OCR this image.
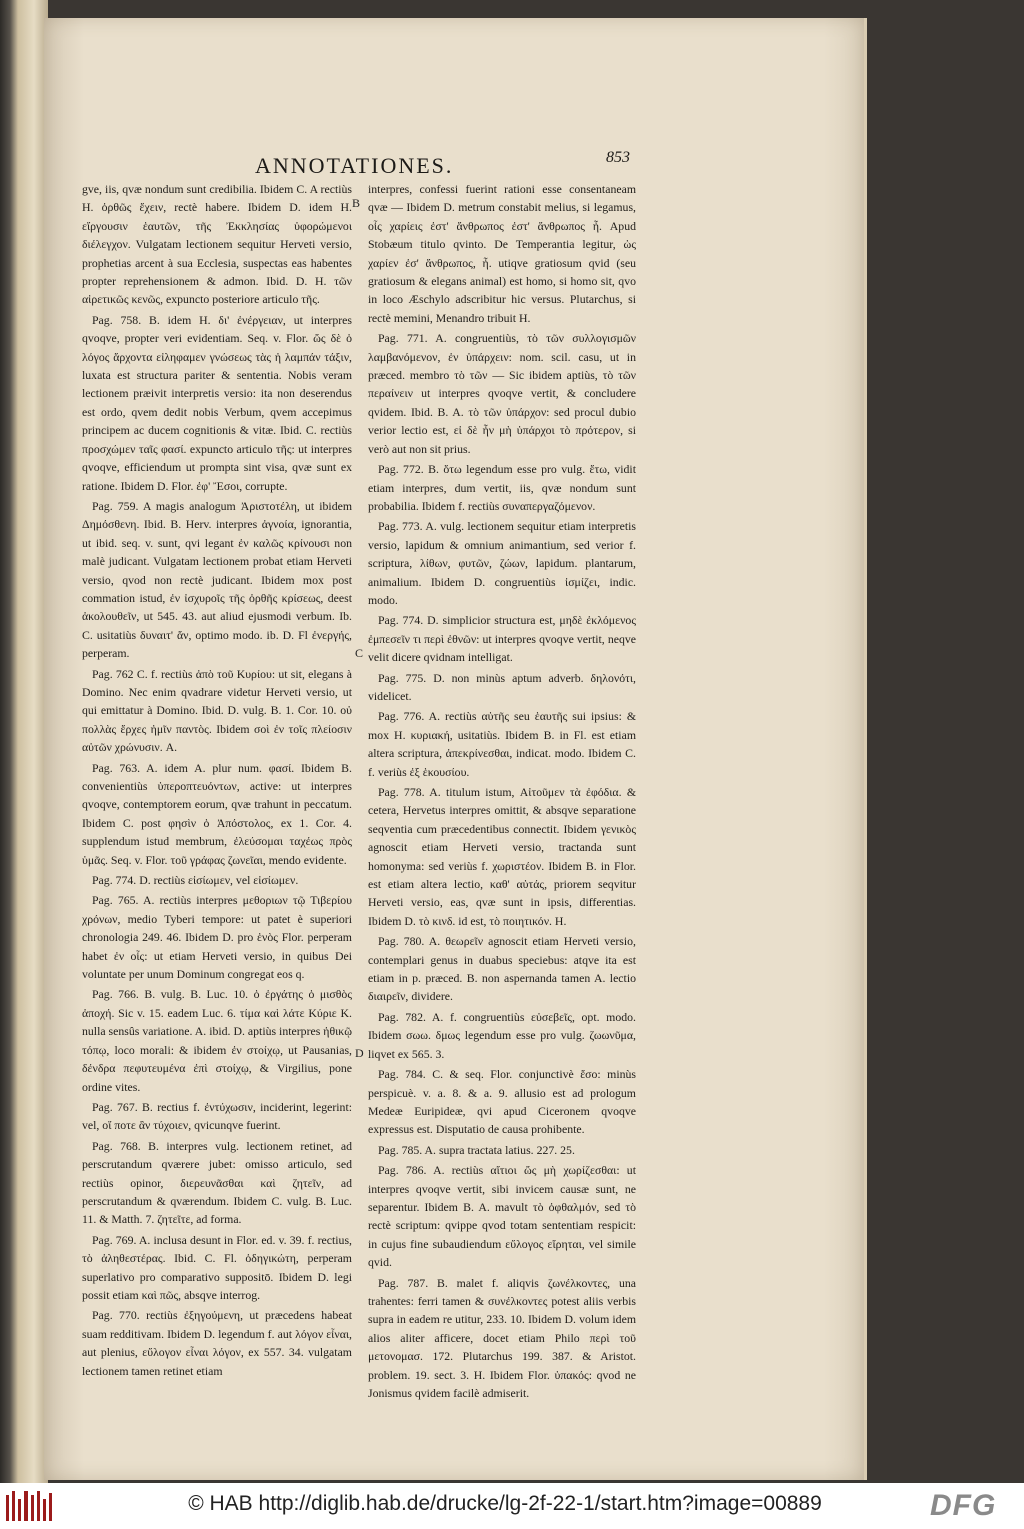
ANNOTATIONES.	853

gve, iis, qvæ nondum sunt credibilia. Ibidem C. A rectiùs H. ὀρθῶς ἔχειν, rectè habere. Ibidem D. idem H. εἴργουσιν ἑαυτῶν, τῆς Ἐκκλησίας ὑφορώμενοι διέλεγχον. Vulgatam lectionem sequitur Herveti versio, prophetias arcent à sua Ecclesia, suspectas eas habentes propter reprehensionem & admon. Ibid. D. H. τῶν αἱρετικῶς κενῶς, expuncto posteriore articulo τῆς.

Pag. 758. B. idem H. δι' ἐνέργειαν, ut interpres qvoqve, propter veri evidentiam. Seq. v. Flor. ὥς δὲ ὁ λόγος ἄρχοντα εἰληφαμεν γνώσεως τὰς ἡ λαμπάν τάξιν, luxata est structura pariter & sententia. Nobis veram lectionem præivit interpretis versio: ita non deserendus est ordo, qvem dedit nobis Verbum, qvem accepimus principem ac ducem cognitionis & vitæ. Ibid. C. rectiùs προσχώμεν ταῖς φασί. expuncto articulo τῆς: ut interpres qvoqve, efficiendum ut prompta sint visa, qvæ sunt ex ratione. Ibidem D. Flor. ἐφ' Ἔσοι, corrupte.

Pag. 759. A magis analogum Ἀριστοτέλη, ut ibidem Δημόσθενη. Ibid. B. Herv. interpres ἀγνοία, ignorantia, ut ibid. seq. v. sunt, qvi legant ἐν καλῶς κρίνουσι non malè judicant. Vulgatam lectionem probat etiam Herveti versio, qvod non rectè judicant. Ibidem mox post commation istud, ἐν ἰσχυροῖς τῆς ὀρθῆς κρίσεως, deest ἀκολουθεῖν, ut 545. 43. aut aliud ejusmodi verbum. Ib. C. usitatiùs δυναιτ' ἄν, optimo modo. ib. D. Fl ἐνεργής, perperam.

Pag. 762 C. f. rectiùs ἀπὸ τοῦ Κυρίου: ut sit, elegans à Domino. Nec enim qvadrare videtur Herveti versio, ut qui emittatur à Domino. Ibid. D. vulg. B. 1. Cor. 10. οὐ πολλὰς ἔρχες ἡμῖν παντὸς. Ibidem σοὶ ἐν τοῖς πλείοσιν αὐτῶν χρώνυσιν. A.

Pag. 763. A. idem A. plur num. φασί. Ibidem B. convenientiùs ὑπεροπτευόντων, active: ut interpres qvoqve, contemptorem eorum, qvæ trahunt in peccatum. Ibidem C. post φησὶν ὁ Ἀπόστολος, ex 1. Cor. 4. supplendum istud membrum, ἐλεύσομαι ταχέως πρὸς ὑμᾶς. Seq. v. Flor. τοῦ γράφας ζωνεῖαι, mendo evidente.

Pag. 774. D. rectiùs εἰσίωμεν, vel εἰσίωμεν.

Pag. 765. A. rectiùs interpres μεθοριων τῷ Τιβερίου χρόνων, medio Tyberi tempore: ut patet è superiori chronologia 249. 46. Ibidem D. pro ἑνὸς Flor. perperam habet ἐν οἷς: ut etiam Herveti versio, in quibus Dei voluntate per unum Dominum congregat eos q.

Pag. 766. B. vulg. B. Luc. 10. ὁ ἐργάτης ὁ μισθὸς ἀποχή. Sic v. 15. eadem Luc. 6. τίμα καὶ λάτε Κύριε K. nulla sensûs variatione. A. ibid. D. aptiùs interpres ἠθικῷ τόπῳ, loco morali: & ibidem ἐν στοίχῳ, ut Pausanias, δένδρα πεφυτευμένα ἐπὶ στοίχῳ, & Virgilius, pone ordine vites.

Pag. 767. B. rectius f. ἐντύχωσιν, inciderint, legerint: vel, οἵ ποτε ἂν τύχοιεν, qvicunqve fuerint.

Pag. 768. B. interpres vulg. lectionem retinet, ad perscrutandum qværere jubet: omisso articulo, sed rectiùs opinor, διερευνᾶσθαι καὶ ζητεῖν, ad perscrutandum & qværendum. Ibidem C. vulg. B. Luc. 11. & Matth. 7. ζητεῖτε, ad forma.

Pag. 769. A. inclusa desunt in Flor. ed. v. 39. f. rectius, τὸ ἀληθεστέρας. Ibid. C. Fl. ὀδηγικώτη, perperam superlativo pro comparativo suppositō. Ibidem D. legi possit etiam καὶ πῶς, absqve interrog.

Pag. 770. rectiùs ἐξηγούμενη, ut præcedens habeat suam redditivam. Ibidem D. legendum f. aut λόγον εἶναι, aut plenius, εὔλογον εἶναι λόγον, ex 557. 34. vulgatam lectionem tamen retinet etiam

B
C
D

interpres, confessi fuerint rationi esse consentaneam qvæ — Ibidem D. metrum constabit melius, si legamus, οἷς χαρίεις ἐστ' ἄνθρωπος ἐστ' ἄνθρωπος ἦ. Apud Stobæum titulo qvinto. De Temperantia legitur, ὡς χαρίεν ἐσ' ἄνθρωπος, ἦ. utiqve gratiosum qvid (seu gratiosum & elegans animal) est homo, si homo sit, qvo in loco Æschylo adscribitur hic versus. Plutarchus, si rectè memini, Menandro tribuit H.

Pag. 771. A. congruentiùs, τὸ τῶν συλλογισμῶν λαμβανόμενον, ἐν ὑπάρχειν: nom. scil. casu, ut in præced. membro τὸ τῶν — Sic ibidem aptiùs, τὸ τῶν περαίνειν ut interpres qvoqve vertit, & concludere qvidem. Ibid. B. A. τὸ τῶν ὑπάρχον: sed procul dubio verior lectio est, εἰ δὲ ἦν μὴ ὑπάρχοι τὸ πρότερον, si verò aut non sit prius.

Pag. 772. B. ὅτω legendum esse pro vulg. ἔτω, vidit etiam interpres, dum vertit, iis, qvæ nondum sunt probabilia. Ibidem f. rectiùs συναπεργαζόμενον.

Pag. 773. A. vulg. lectionem sequitur etiam interpretis versio, lapidum & omnium animantium, sed verior f. scriptura, λίθων, φυτῶν, ζώων, lapidum. plantarum, animalium. Ibidem D. congruentiùs ἰσμίζει, indic. modo.

Pag. 774. D. simplicior structura est, μηδὲ ἐκλόμενος ἐμπεσεῖν τι περὶ ἐθνῶν: ut interpres qvoqve vertit, neqve velit dicere qvidnam intelligat.

Pag. 775. D. non minùs aptum adverb. δηλονότι, videlicet.

Pag. 776. A. rectiùs αὑτῆς seu ἑαυτῆς sui ipsius: & mox H. κυριακή, usitatiùs. Ibidem B. in Fl. est etiam altera scriptura, ἀπεκρίνεσθαι, indicat. modo. Ibidem C. f. veriùs ἐξ ἑκουσίου.

Pag. 778. A. titulum istum, Αἰτοῦμεν τὰ ἐφόδια. & cetera, Hervetus interpres omittit, & absqve separatione seqventia cum præcedentibus connectit. Ibidem γενικὸς agnoscit etiam Herveti versio, tractanda sunt homonyma: sed veriùs f. χωριστέον. Ibidem B. in Flor. est etiam altera lectio, καθ' αὑτάς, priorem seqvitur Herveti versio, eas, qvæ sunt in ipsis, differentias. Ibidem D. τὸ κινδ. id est, τὸ ποιητικόν. H.

Pag. 780. A. θεωρεῖν agnoscit etiam Herveti versio, contemplari genus in duabus speciebus: atqve ita est etiam in p. præced. B. non aspernanda tamen A. lectio διαιρεῖν, dividere.

Pag. 782. A. f. congruentiùs εὐσεβεῖς, opt. modo. Ibidem σωω. δμως legendum esse pro vulg. ζωωνῦμα, liqvet ex 565. 3.

Pag. 784. C. & seq. Flor. conjunctivè ἔσο: minùs perspicuè. v. a. 8. & a. 9. allusio est ad prologum Medeæ Euripideæ, qvi apud Ciceronem qvoqve expressus est. Disputatio de causa prohibente.

Pag. 785. A. supra tractata latius. 227. 25.

Pag. 786. A. rectiùs αἴτιοι ὥς μὴ χωρίζεσθαι: ut interpres qvoqve vertit, sibi invicem causæ sunt, ne separentur. Ibidem B. A. mavult τὸ ὀφθαλμόν, sed τὸ rectè scriptum: qvippe qvod totam sententiam respicit: in cujus fine subaudiendum εὔλογος εἴρηται, vel simile qvid.

Pag. 787. B. malet f. aliqvis ζωνέλκοντες, una trahentes: ferri tamen & συνέλκοντες potest aliis verbis supra in eadem re utitur, 233. 10. Ibidem D. volum idem alios aliter afficere, docet etiam Philo περὶ τοῦ μετονομασ. 172. Plutarchus 199. 387. & Aristot. problem. 19. sect. 3. H. Ibidem Flor. ὑπακός: qvod ne Jonismus qvidem facilè admiserit.

© HAB http://diglib.hab.de/drucke/lg-2f-22-1/start.htm?image=00889	DFG
